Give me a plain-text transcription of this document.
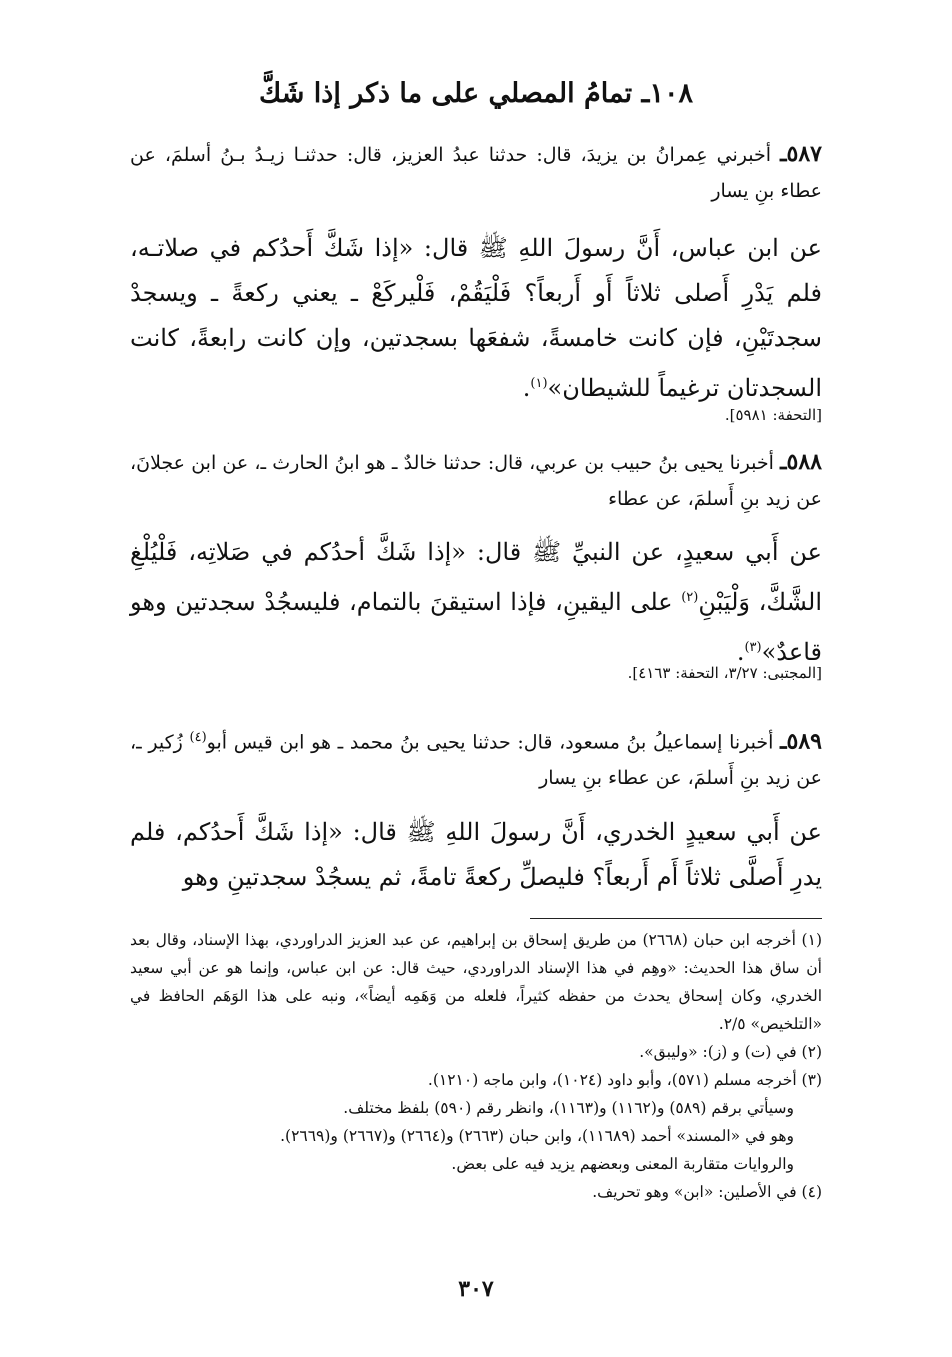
١٠٨ـ تمامُ المصلي على ما ذكر إذا شَكَّ

٥٨٧ـ أخبرني عِمرانُ بن يزيدَ، قال: حدثنا عبدُ العزيز، قال: حدثنـا زيـدُ بـنُ أسلمَ، عن عطاء بنِ يسار

عن ابن عباس، أَنَّ رسولَ اللهِ ﷺ قال: «إذا شَكَّ أَحدُكم في صلاتـه، فلم يَدْرِ أَصلى ثلاثاً أَو أَربعاً؟ فَلْيَقُمْ، فَلْيركَعْ ـ يعني ركعةً ـ ويسجدْ سجدتَيْنِ، فإن كانت خامسةً، شفعَها بسجدتين، وإن كانت رابعةً، كانت السجدتان ترغيماً للشيطان»$^{(١)}$.

[التحفة: ٥٩٨١].

٥٨٨ـ أخبرنا يحيى بنُ حبيب بن عربي، قال: حدثنا خالدٌ ـ هو ابنُ الحارث ـ، عن ابن عجلانَ، عن زيد بنِ أَسلمَ، عن عطاء

عن أَبي سعيدٍ، عن النبيِّ ﷺ قال: «إذا شَكَّ أحدُكم في صَلاتِه، فَلْيُلْغِ الشَّكَّ، وَلْيَبْنِ$^{(٢)}$ على اليقينِ، فإذا استيقنَ بالتمام، فليسجُدْ سجدتين وهو قاعدٌ»$^{(٣)}$.

[المجتبى: ٣/٢٧، التحفة: ٤١٦٣].

٥٨٩ـ أخبرنا إسماعيلُ بنُ مسعود، قال: حدثنا يحيى بنُ محمد ـ هو ابن قيس أبو$^{(٤)}$ زُكير ـ، عن زيد بنِ أَسلمَ، عن عطاء بنِ يسار

عن أَبي سعيدٍ الخدري، أَنَّ رسولَ اللهِ ﷺ قال: «إذا شَكَّ أَحدُكم، فلم يدرِ أَصلَّى ثلاثاً أَم أَربعاً؟ فليصلِّ ركعةً تامةً، ثم يسجُدْ سجدتينِ وهو

(١) أخرجه ابن حبان (٢٦٦٨) من طريق إسحاق بن إبراهيم، عن عبد العزيز الدراوردي، بهذا الإسناد، وقال بعد أن ساق هذا الحديث: «وهِم في هذا الإسناد الدراوردي، حيث قال: عن ابن عباس، وإنما هو عن أبي سعيد الخدري، وكان إسحاق يحدث من حفظه كثيراً، فلعله من وَهَمِه أيضاً»، ونبه على هذا الوَهَم الحافظ في «التلخيص» ٢/٥.

(٢) في (ت) و (ز): «وليبق».

(٣) أخرجه مسلم (٥٧١)، وأبو داود (١٠٢٤)، وابن ماجه (١٢١٠).

وسيأتي برقم (٥٨٩) و(١١٦٢) و(١١٦٣)، وانظر رقم (٥٩٠) بلفظ مختلف.

وهو في «المسند» أحمد (١١٦٨٩)، وابن حبان (٢٦٦٣) و(٢٦٦٤) و(٢٦٦٧) و(٢٦٦٩).

والروايات متقاربة المعنى وبعضهم يزيد فيه على بعض.

(٤) في الأصلين: «ابن» وهو تحريف.

٣٠٧
